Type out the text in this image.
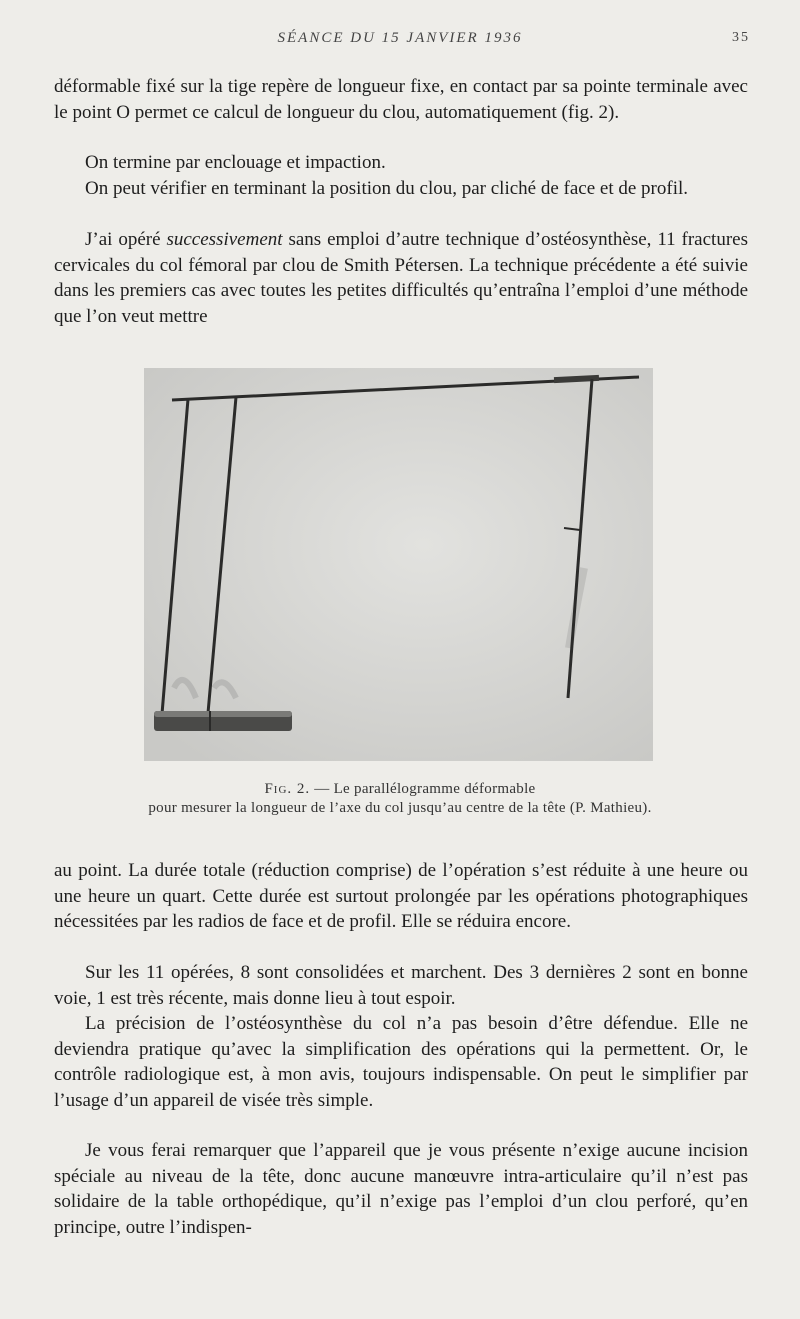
SÉANCE DU 15 JANVIER 1936	35

déformable fixé sur la tige repère de longueur fixe, en contact par sa pointe terminale avec le point O permet ce calcul de longueur du clou, automatiquement (fig. 2).

On termine par enclouage et impaction.

On peut vérifier en terminant la position du clou, par cliché de face et de profil.

J’ai opéré successivement sans emploi d’autre technique d’ostéosynthèse, 11 fractures cervicales du col fémoral par clou de Smith Pétersen. La technique précédente a été suivie dans les premiers cas avec toutes les petites difficultés qu’entraîna l’emploi d’une méthode que l’on veut mettre

Fig. 2. — Le parallélogramme déformable
pour mesurer la longueur de l’axe du col jusqu’au centre de la tête (P. Mathieu).

au point. La durée totale (réduction comprise) de l’opération s’est réduite à une heure ou une heure un quart. Cette durée est surtout prolongée par les opérations photographiques nécessitées par les radios de face et de profil. Elle se réduira encore.

Sur les 11 opérées, 8 sont consolidées et marchent. Des 3 dernières 2 sont en bonne voie, 1 est très récente, mais donne lieu à tout espoir.

La précision de l’ostéosynthèse du col n’a pas besoin d’être défendue. Elle ne deviendra pratique qu’avec la simplification des opérations qui la permettent. Or, le contrôle radiologique est, à mon avis, toujours indispensable. On peut le simplifier par l’usage d’un appareil de visée très simple.

Je vous ferai remarquer que l’appareil que je vous présente n’exige aucune incision spéciale au niveau de la tête, donc aucune manœuvre intra-articulaire qu’il n’est pas solidaire de la table orthopédique, qu’il n’exige pas l’emploi d’un clou perforé, qu’en principe, outre l’indispen-
